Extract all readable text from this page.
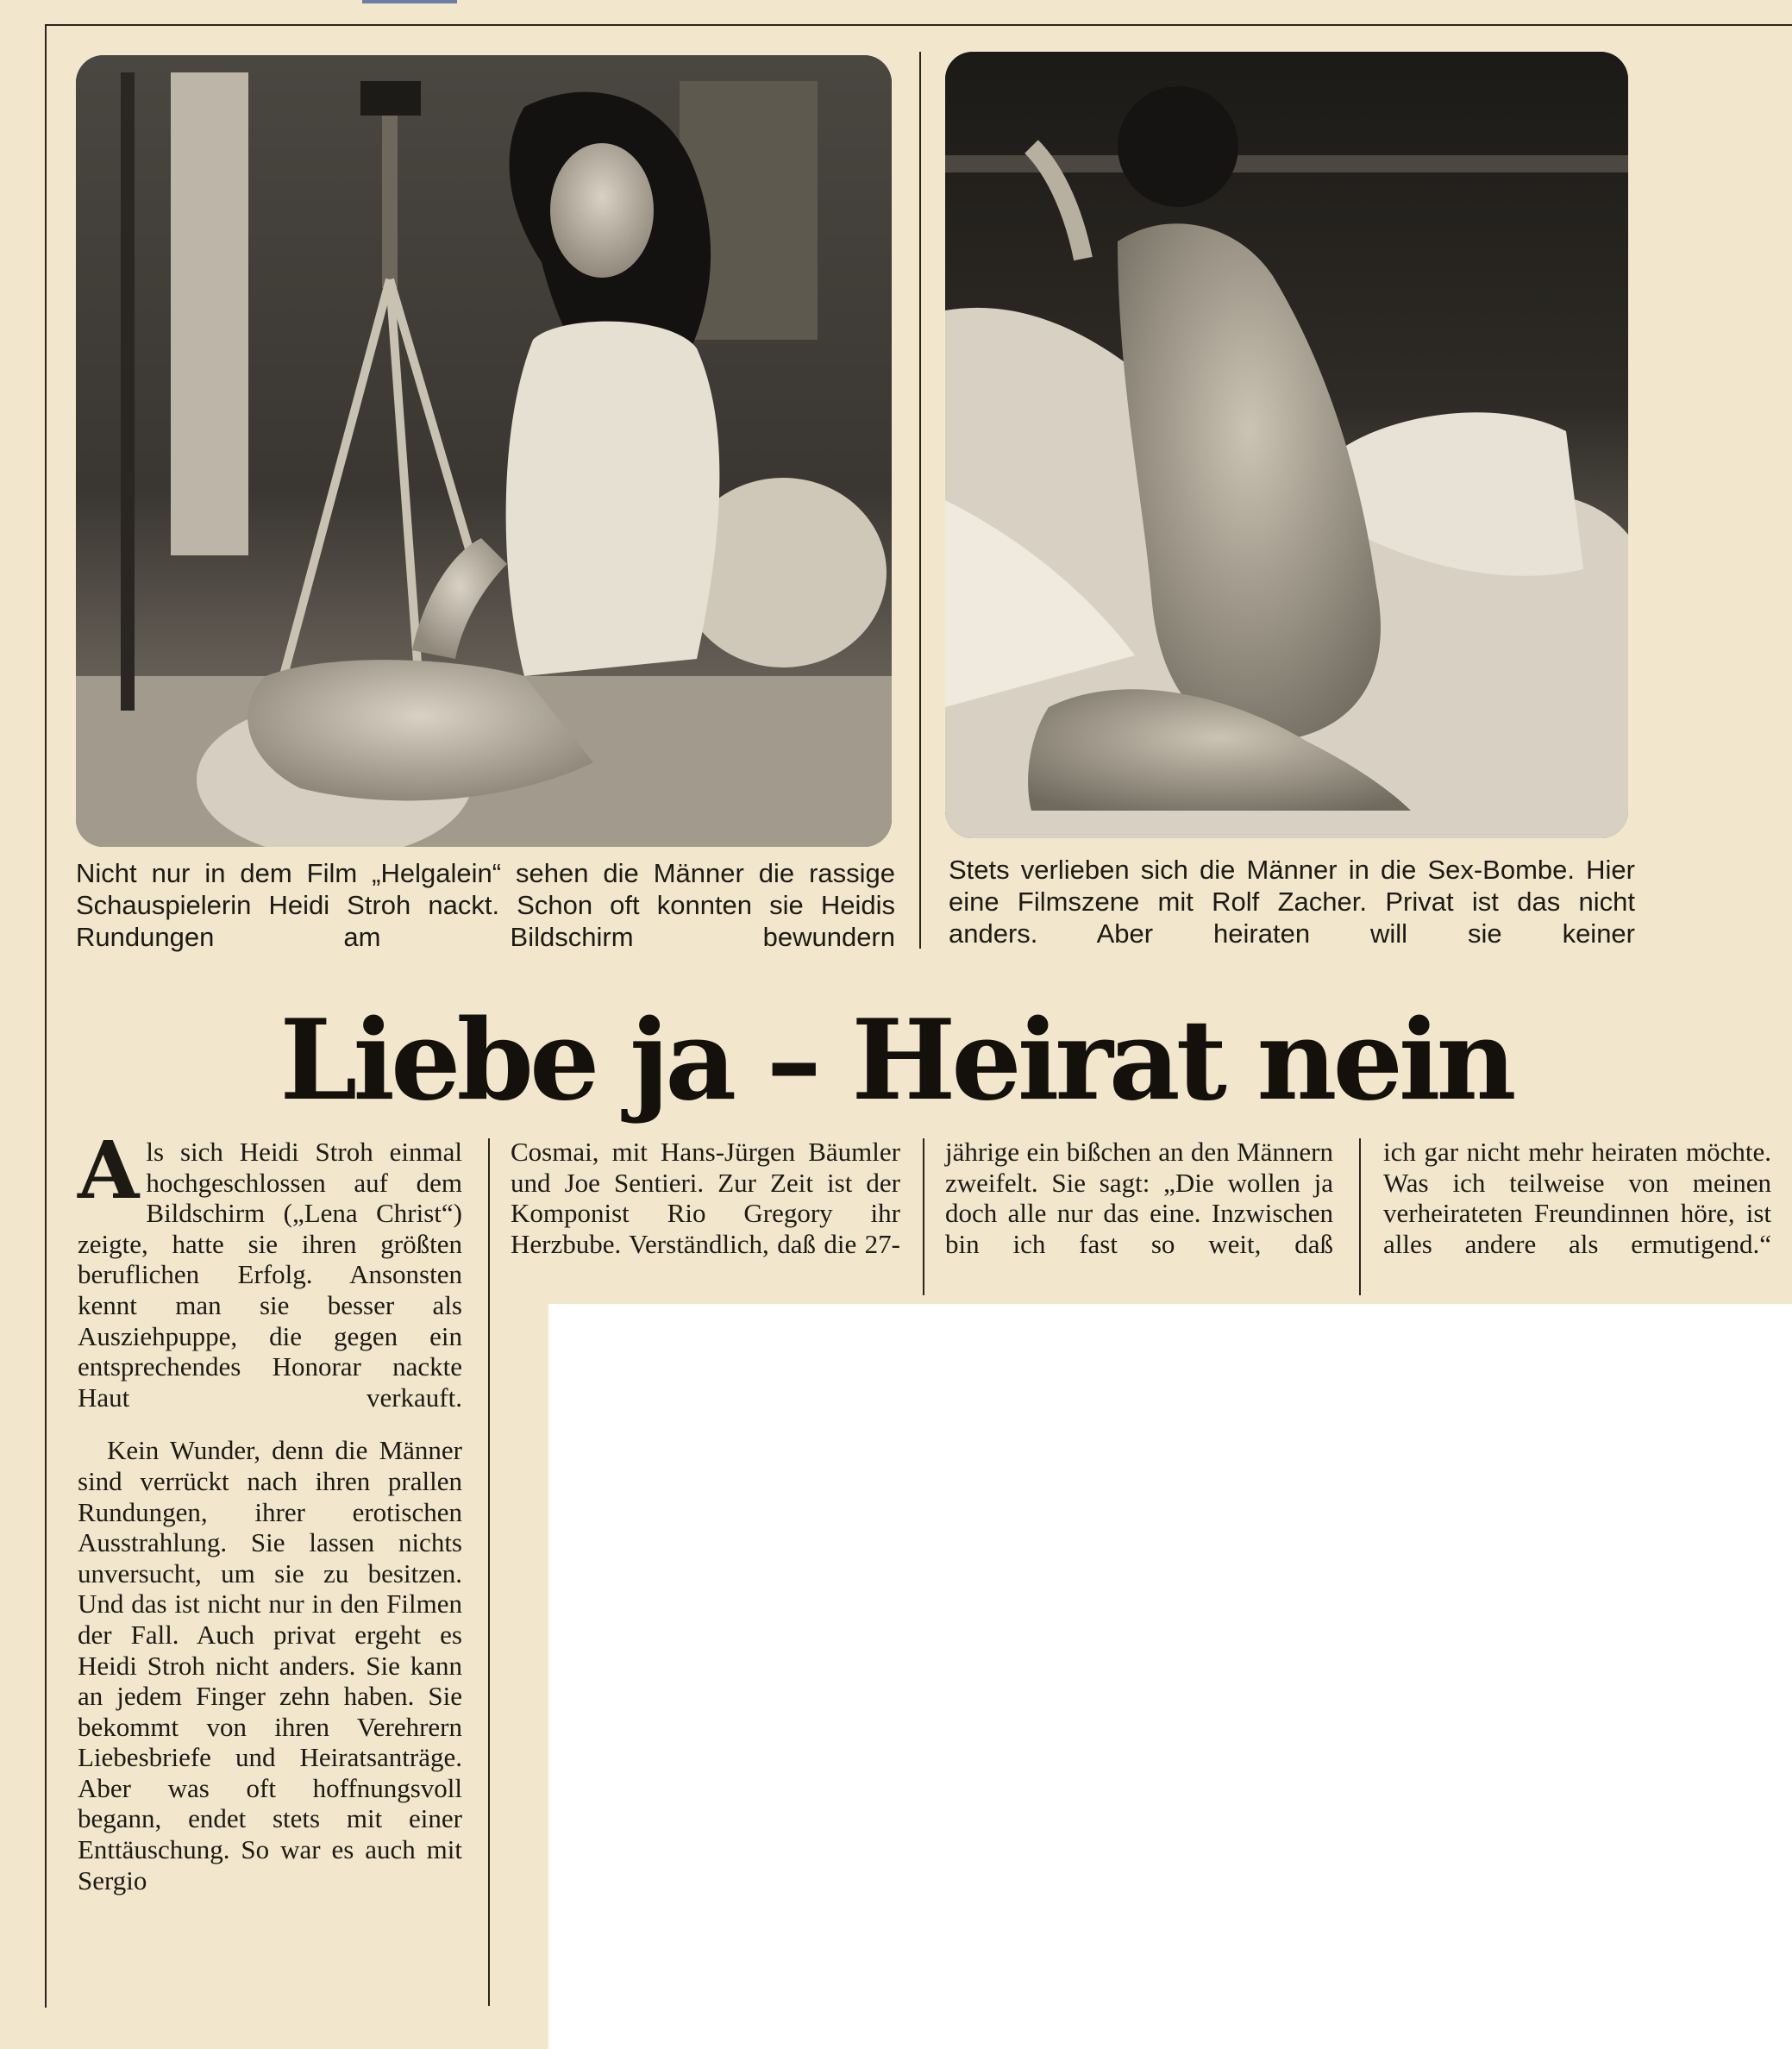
Nicht nur in dem Film „Helgalein“ sehen die Männer die rassige Schauspielerin Heidi Stroh nackt. Schon oft konnten sie Heidis Rundungen am Bildschirm bewundern
Stets verlieben sich die Männer in die Sex-Bombe. Hier eine Filmszene mit Rolf Zacher. Privat ist das nicht anders. Aber heiraten will sie keiner
Liebe ja – Heirat nein

Als sich Heidi Stroh einmal hochgeschlossen auf dem Bildschirm („Lena Christ“) zeigte, hatte sie ihren größten beruflichen Erfolg. Ansonsten kennt man sie besser als Ausziehpuppe, die gegen ein entsprechendes Honorar nackte Haut verkauft.

Kein Wunder, denn die Männer sind verrückt nach ihren prallen Rundungen, ihrer erotischen Ausstrahlung. Sie lassen nichts unversucht, um sie zu besitzen. Und das ist nicht nur in den Filmen der Fall. Auch privat ergeht es Heidi Stroh nicht anders. Sie kann an jedem Finger zehn haben. Sie bekommt von ihren Verehrern Liebesbriefe und Heiratsanträge. Aber was oft hoffnungsvoll begann, endet stets mit einer Enttäuschung. So war es auch mit Sergio

Cosmai, mit Hans-Jürgen Bäumler und Joe Sentieri. Zur Zeit ist der Komponist Rio Gregory ihr Herzbube. Verständlich, daß die 27-

jährige ein bißchen an den Männern zweifelt. Sie sagt: „Die wollen ja doch alle nur das eine. Inzwischen bin ich fast so weit, daß

ich gar nicht mehr heiraten möchte. Was ich teilweise von meinen verheirateten Freundinnen höre, ist alles andere als ermutigend.“
